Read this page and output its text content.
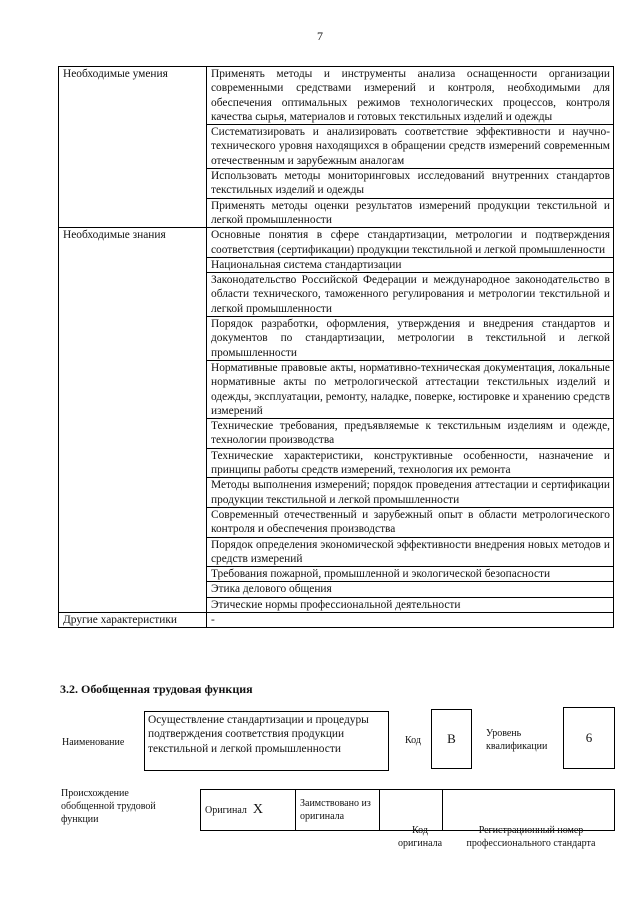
7
Необходимые умения	Применять методы и инструменты анализа оснащенности организации современными средствами измерений и контроля, необходимыми для обеспечения оптимальных режимов технологических процессов, контроля качества сырья, материалов и готовых текстильных изделий и одежды
	Систематизировать и анализировать соответствие эффективности и научно-технического уровня находящихся в обращении средств измерений современным отечественным и зарубежным аналогам
	Использовать методы мониторинговых исследований внутренних стандартов текстильных изделий и одежды
	Применять методы оценки результатов измерений продукции текстильной и легкой промышленности
Необходимые знания	Основные понятия в сфере стандартизации, метрологии и подтверждения соответствия (сертификации) продукции текстильной и легкой промышленности
	Национальная система стандартизации
	Законодательство Российской Федерации и международное законодательство в области технического, таможенного регулирования и метрологии текстильной и легкой промышленности
	Порядок разработки, оформления, утверждения и внедрения стандартов и документов по стандартизации, метрологии в текстильной и легкой промышленности
	Нормативные правовые акты, нормативно-техническая документация, локальные нормативные акты по метрологической аттестации текстильных изделий и одежды, эксплуатации, ремонту, наладке, поверке, юстировке и хранению средств измерений
	Технические требования, предъявляемые к текстильным изделиям и одежде, технологии производства
	Технические характеристики, конструктивные особенности, назначение и принципы работы средств измерений, технология их ремонта
	Методы выполнения измерений; порядок проведения аттестации и сертификации продукции текстильной и легкой промышленности
	Современный отечественный и зарубежный опыт в области метрологического контроля и обеспечения производства
	Порядок определения экономической эффективности внедрения новых методов и средств измерений
	Требования пожарной, промышленной и экологической безопасности
	Этика делового общения
	Этические нормы профессиональной деятельности
Другие характеристики	-
3.2. Обобщенная трудовая функция
Наименование
Осуществление стандартизации и процедуры подтверждения соответствия продукции текстильной и легкой промышленности
Код	B	Уровень квалификации
6
Происхождение обобщенной трудовой функции
Оригинал X	Заимствовано из оригинала		
Код оригинала
Регистрационный номер профессионального стандарта
